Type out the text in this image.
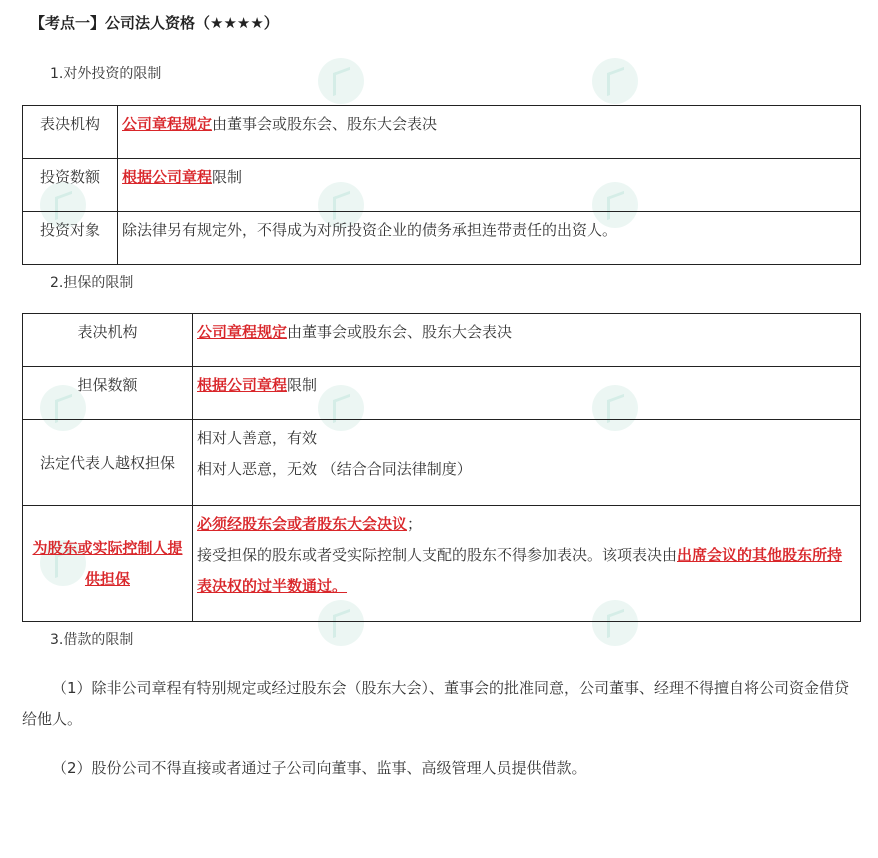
【考点一】公司法人资格（★★★★）
1.对外投资的限制
表决机构	公司章程规定由董事会或股东会、股东大会表决

投资数额	根据公司章程限制

投资对象	除法律另有规定外，不得成为对所投资企业的债务承担连带责任的出资人。
2.担保的限制
表决机构	公司章程规定由董事会或股东会、股东大会表决

担保数额	根据公司章程限制

法定代表人越权担保	相对人善意，有效
相对人恶意，无效 （结合合同法律制度）

为股东或实际控制人提供担保	必须经股东会或者股东大会决议；
接受担保的股东或者受实际控制人支配的股东不得参加表决。该项表决由出席会议的其他股东所持表决权的过半数通过。
3.借款的限制
（1）除非公司章程有特别规定或经过股东会（股东大会）、董事会的批准同意，公司董事、经理不得擅自将公司资金借贷给他人。
（2）股份公司不得直接或者通过子公司向董事、监事、高级管理人员提供借款。
